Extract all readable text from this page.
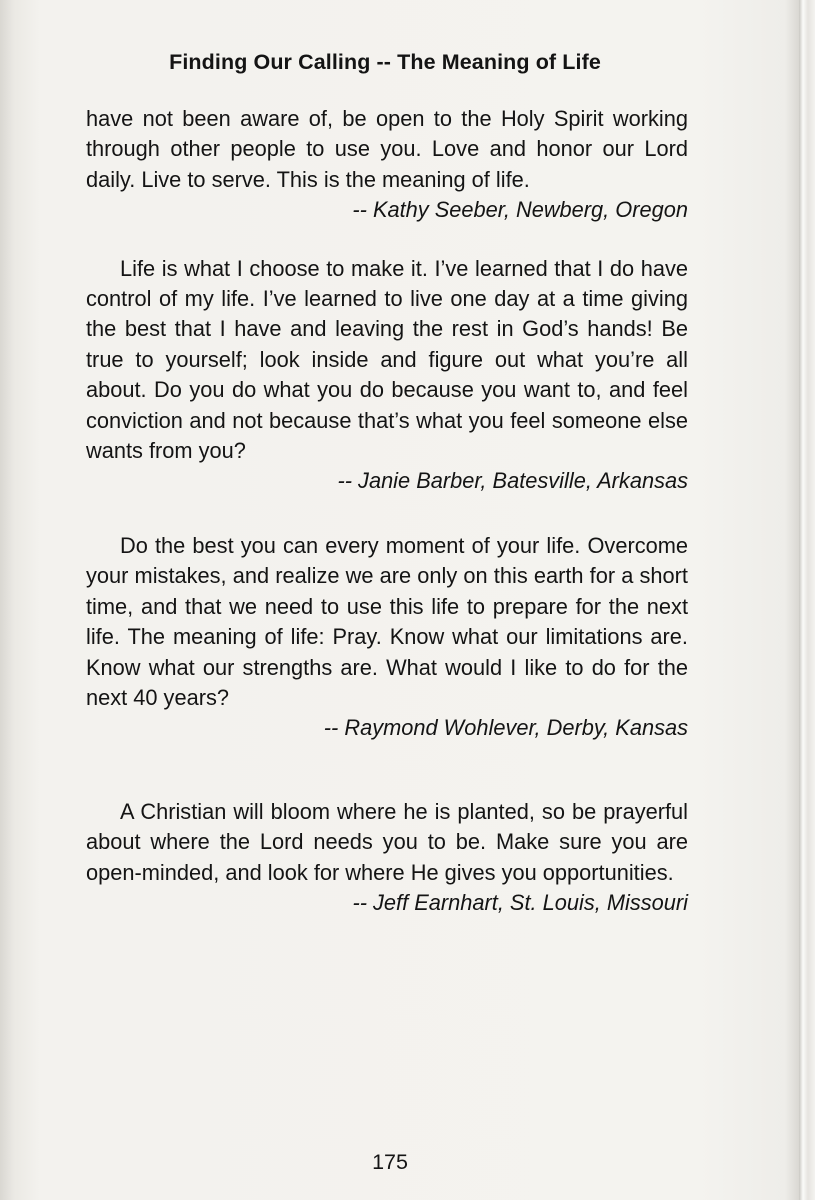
Finding Our Calling -- The Meaning of Life

have not been aware of, be open to the Holy Spirit working through other people to use you. Love and honor our Lord daily. Live to serve. This is the meaning of life.

-- Kathy Seeber, Newberg, Oregon

Life is what I choose to make it. I’ve learned that I do have control of my life. I’ve learned to live one day at a time giving the best that I have and leaving the rest in God’s hands! Be true to yourself; look inside and figure out what you’re all about. Do you do what you do because you want to, and feel conviction and not because that’s what you feel someone else wants from you?

-- Janie Barber, Batesville, Arkansas

Do the best you can every moment of your life. Overcome your mistakes, and realize we are only on this earth for a short time, and that we need to use this life to prepare for the next life. The meaning of life: Pray. Know what our limitations are. Know what our strengths are. What would I like to do for the next 40 years?

-- Raymond Wohlever, Derby, Kansas

A Christian will bloom where he is planted, so be prayerful about where the Lord needs you to be. Make sure you are open-minded, and look for where He gives you opportunities.

-- Jeff Earnhart, St. Louis, Missouri

175
